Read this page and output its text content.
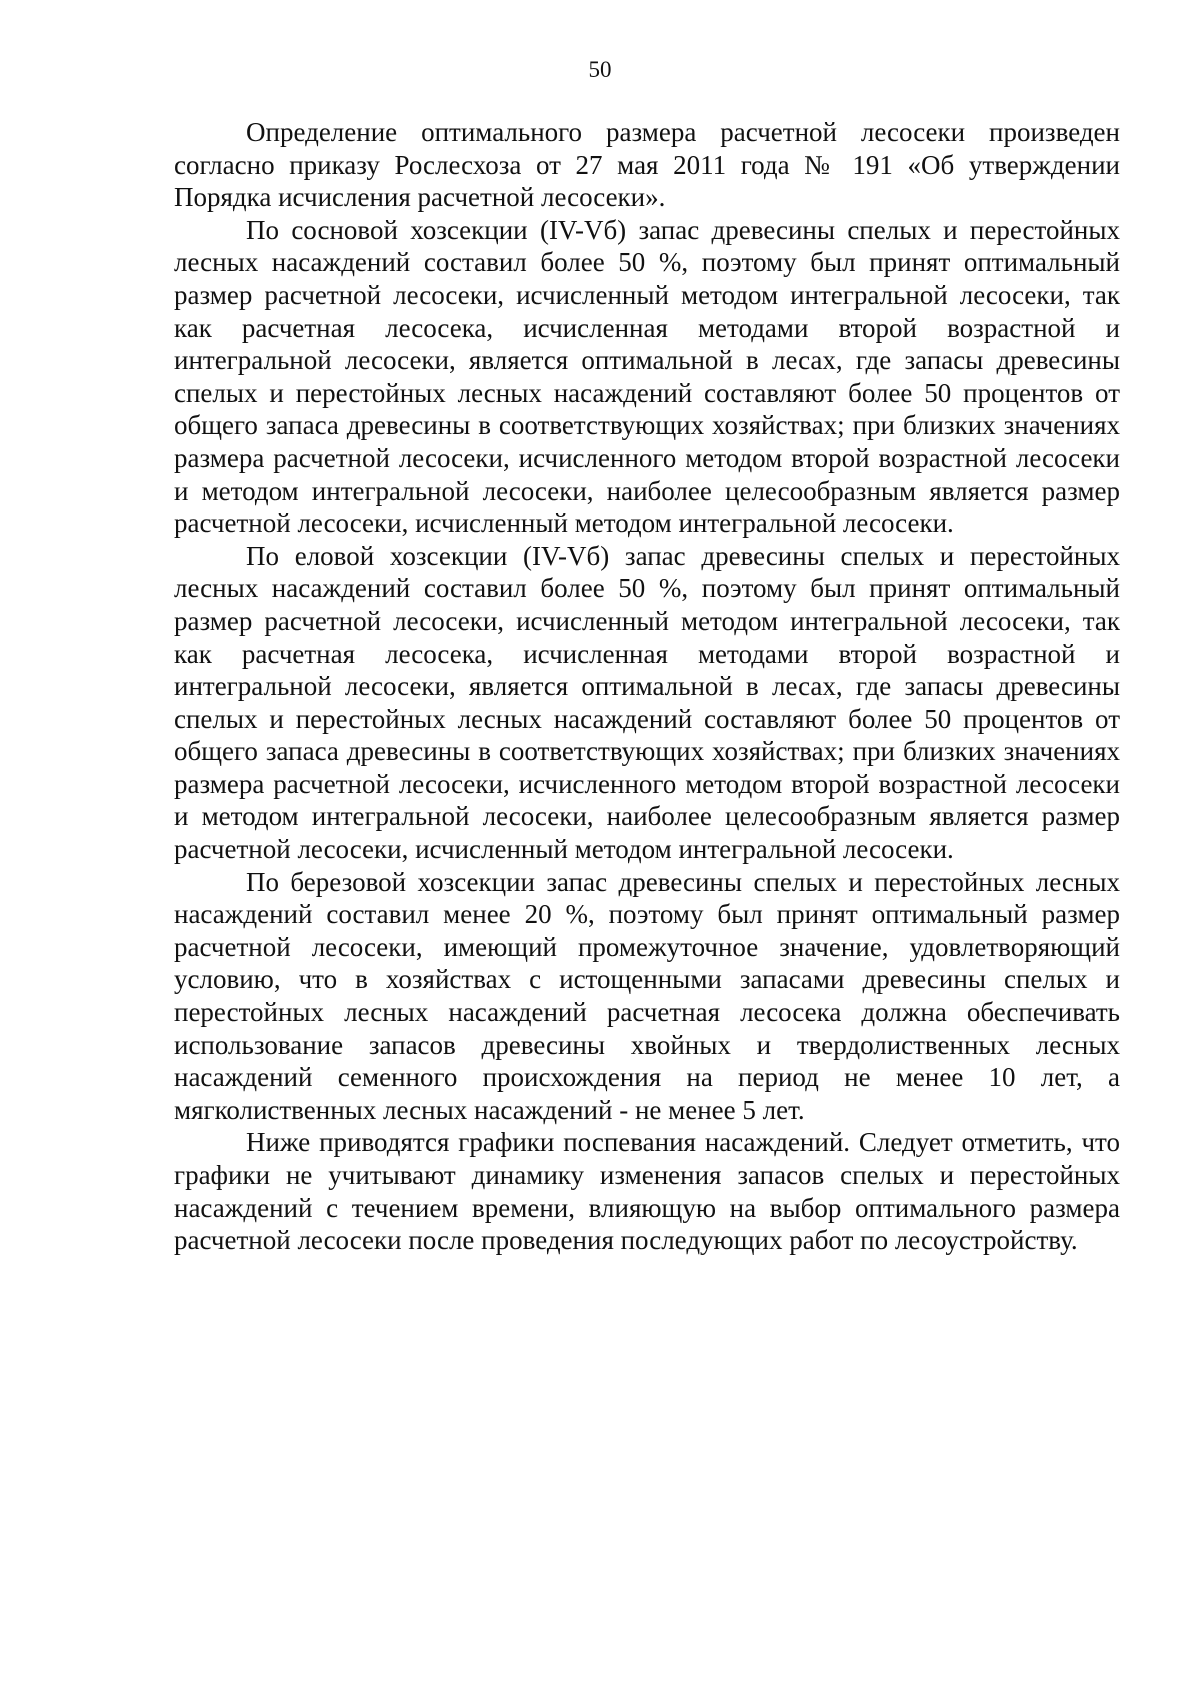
50

Определение оптимального размера расчетной лесосеки произведен согласно приказу Рослесхоза от 27 мая 2011 года № 191 «Об утверждении Порядка исчисления расчетной лесосеки».

По сосновой хозсекции (IV-Vб) запас древесины спелых и перестойных лесных насаждений составил более 50 %, поэтому был принят оптимальный размер расчетной лесосеки, исчисленный методом интегральной лесосеки, так как расчетная лесосека, исчисленная методами второй возрастной и интегральной лесосеки, является оптимальной в лесах, где запасы древесины спелых и перестойных лесных насаждений составляют более 50 процентов от общего запаса древесины в соответствующих хозяйствах; при близких значениях размера расчетной лесосеки, исчисленного методом второй возрастной лесосеки и методом интегральной лесосеки, наиболее целесообразным является размер расчетной лесосеки, исчисленный методом интегральной лесосеки.

По еловой хозсекции (IV-Vб) запас древесины спелых и перестойных лесных насаждений составил более 50 %, поэтому был принят оптимальный размер расчетной лесосеки, исчисленный методом интегральной лесосеки, так как расчетная лесосека, исчисленная методами второй возрастной и интегральной лесосеки, является оптимальной в лесах, где запасы древесины спелых и перестойных лесных насаждений составляют более 50 процентов от общего запаса древесины в соответствующих хозяйствах; при близких значениях размера расчетной лесосеки, исчисленного методом второй возрастной лесосеки и методом интегральной лесосеки, наиболее целесообразным является размер расчетной лесосеки, исчисленный методом интегральной лесосеки.

По березовой хозсекции запас древесины спелых и перестойных лесных насаждений составил менее 20 %, поэтому был принят оптимальный размер расчетной лесосеки, имеющий промежуточное значение, удовлетворяющий условию, что в хозяйствах с истощенными запасами древесины спелых и перестойных лесных насаждений расчетная лесосека должна обеспечивать использование запасов древесины хвойных и твердолиственных лесных насаждений семенного происхождения на период не менее 10 лет, а мягколиственных лесных насаждений - не менее 5 лет.

Ниже приводятся графики поспевания насаждений. Следует отметить, что графики не учитывают динамику изменения запасов спелых и перестойных насаждений с течением времени, влияющую на выбор оптимального размера расчетной лесосеки после проведения последующих работ по лесоустройству.
